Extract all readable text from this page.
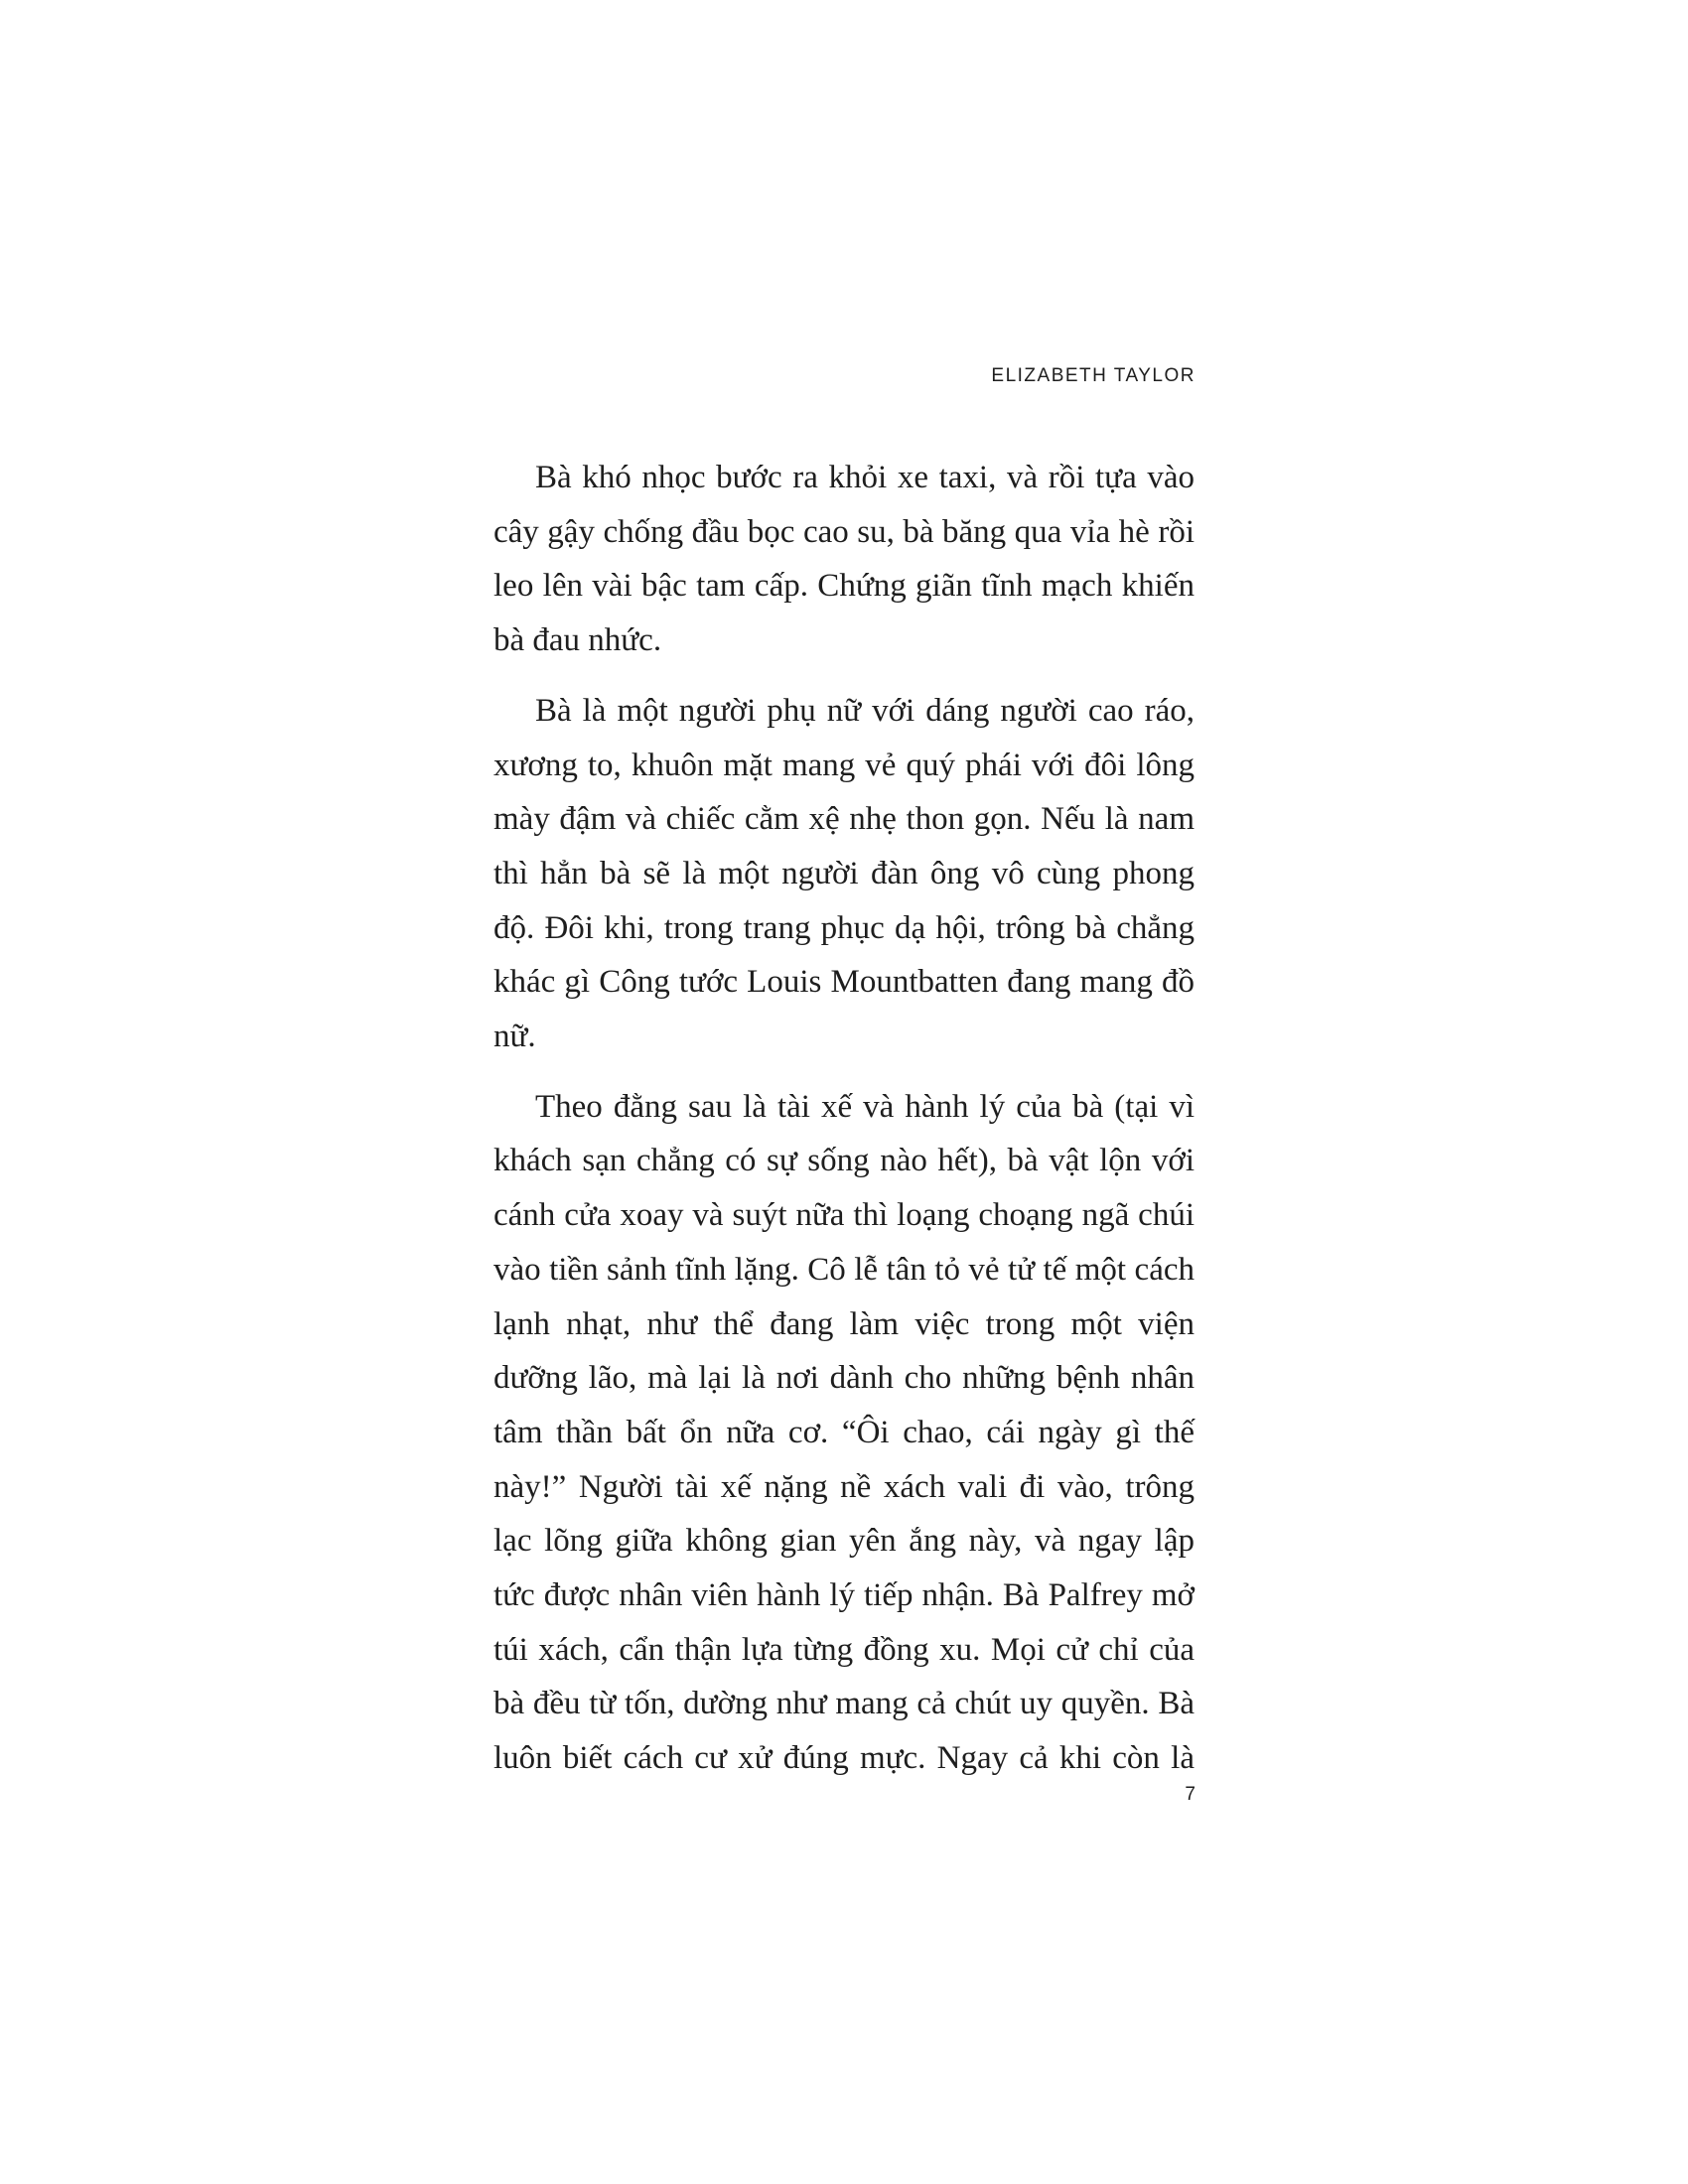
ELIZABETH TAYLOR

Bà khó nhọc bước ra khỏi xe taxi, và rồi tựa vào cây gậy chống đầu bọc cao su, bà băng qua vỉa hè rồi leo lên vài bậc tam cấp. Chứng giãn tĩnh mạch khiến bà đau nhức.

Bà là một người phụ nữ với dáng người cao ráo, xương to, khuôn mặt mang vẻ quý phái với đôi lông mày đậm và chiếc cằm xệ nhẹ thon gọn. Nếu là nam thì hẳn bà sẽ là một người đàn ông vô cùng phong độ. Đôi khi, trong trang phục dạ hội, trông bà chẳng khác gì Công tước Louis Mountbatten đang mang đồ nữ.

Theo đằng sau là tài xế và hành lý của bà (tại vì khách sạn chẳng có sự sống nào hết), bà vật lộn với cánh cửa xoay và suýt nữa thì loạng choạng ngã chúi vào tiền sảnh tĩnh lặng. Cô lễ tân tỏ vẻ tử tế một cách lạnh nhạt, như thể đang làm việc trong một viện dưỡng lão, mà lại là nơi dành cho những bệnh nhân tâm thần bất ổn nữa cơ. “Ôi chao, cái ngày gì thế này!” Người tài xế nặng nề xách vali đi vào, trông lạc lõng giữa không gian yên ắng này, và ngay lập tức được nhân viên hành lý tiếp nhận. Bà Palfrey mở túi xách, cẩn thận lựa từng đồng xu. Mọi cử chỉ của bà đều từ tốn, dường như mang cả chút uy quyền. Bà luôn biết cách cư xử đúng mực. Ngay cả khi còn là

7
